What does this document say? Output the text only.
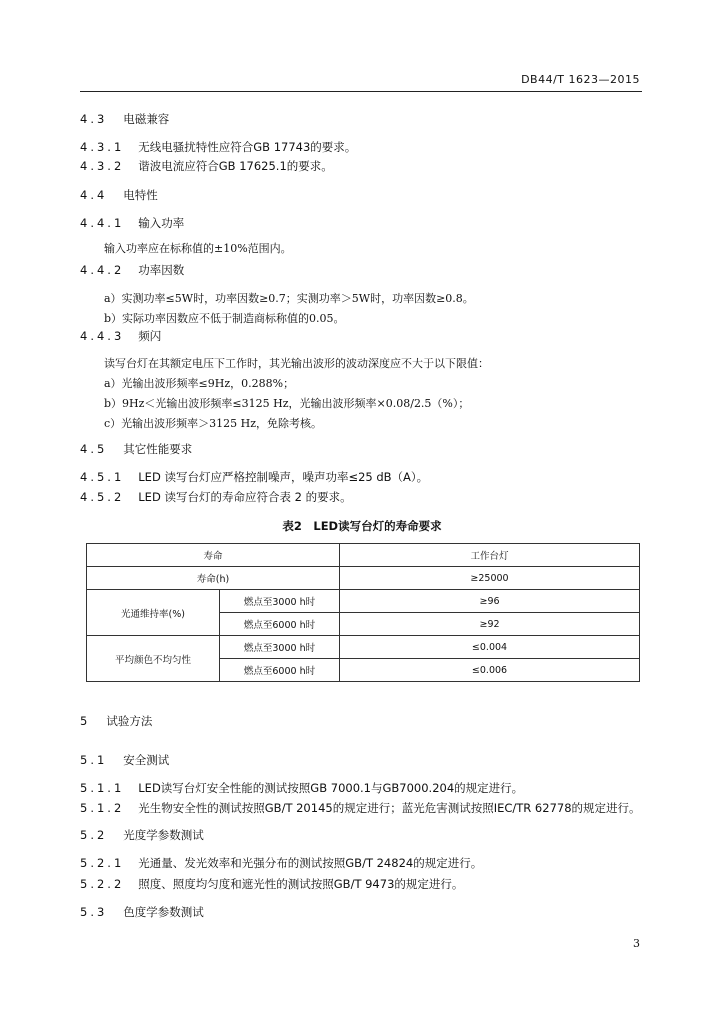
DB44/T 1623—2015
4.3 电磁兼容
4.3.1 无线电骚扰特性应符合GB 17743的要求。
4.3.2 谐波电流应符合GB 17625.1的要求。
4.4 电特性
4.4.1 输入功率
输入功率应在标称值的±10%范围内。
4.4.2 功率因数
a）实测功率≤5W时，功率因数≥0.7；实测功率＞5W时，功率因数≥0.8。
b）实际功率因数应不低于制造商标称值的0.05。
4.4.3 频闪
读写台灯在其额定电压下工作时，其光输出波形的波动深度应不大于以下限值：
a）光输出波形频率≤9Hz，0.288%；
b）9Hz＜光输出波形频率≤3125 Hz，光输出波形频率×0.08/2.5（%）；
c）光输出波形频率＞3125 Hz，免除考核。
4.5 其它性能要求
4.5.1 LED 读写台灯应严格控制噪声，噪声功率≤25 dB（A）。
4.5.2 LED 读写台灯的寿命应符合表 2 的要求。
5 试验方法
5.1 安全测试
5.1.1 LED读写台灯安全性能的测试按照GB 7000.1与GB7000.204的规定进行。
5.1.2 光生物安全性的测试按照GB/T 20145的规定进行；蓝光危害测试按照IEC/TR 62778的规定进行。
5.2 光度学参数测试
5.2.1 光通量、发光效率和光强分布的测试按照GB/T 24824的规定进行。
5.2.2 照度、照度均匀度和遮光性的测试按照GB/T 9473的规定进行。
5.3 色度学参数测试
表2　LED读写台灯的寿命要求
寿命		工作台灯
寿命(h)		≥25000
光通维持率(%)	燃点至3000 h时	≥96
	燃点至6000 h时	≥92
平均颜色不均匀性	燃点至3000 h时	≤0.004
	燃点至6000 h时	≤0.006
3
